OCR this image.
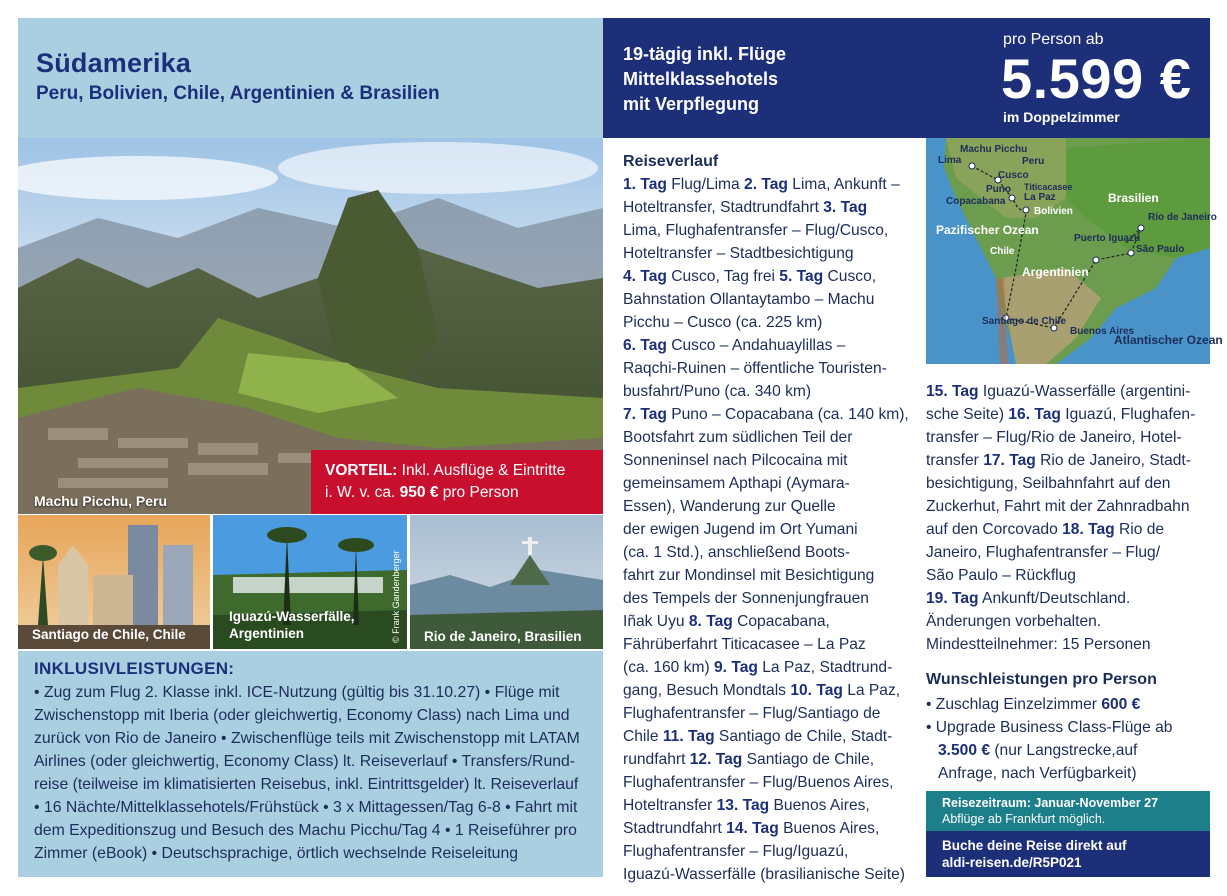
Südamerika
Peru, Bolivien, Chile, Argentinien & Brasilien
19-tägig inkl. Flüge
Mittelklassehotels
mit Verpflegung
pro Person ab
5.599 €
im Doppelzimmer
Machu Picchu, Peru
VORTEIL: Inkl. Ausflüge & Eintritte
i. W. v. ca. 950 € pro Person
Santiago de Chile, Chile
Iguazú-Wasserfälle,
Argentinien	© Frank Gandenberger Rio de Janeiro, Brasilien
INKLUSIVLEISTUNGEN:
• Zug zum Flug 2. Klasse inkl. ICE-Nutzung (gültig bis 31.10.27) • Flüge mit
Zwischenstopp mit Iberia (oder gleichwertig, Economy Class) nach Lima und
zurück von Rio de Janeiro • Zwischenflüge teils mit Zwischenstopp mit LATAM
Airlines (oder gleichwertig, Economy Class) lt. Reiseverlauf • Transfers/Rund-
reise (teilweise im klimatisierten Reisebus, inkl. Eintrittsgelder) lt. Reiseverlauf
• 16 Nächte/Mittelklassehotels/Frühstück • 3 x Mittagessen/Tag 6-8 • Fahrt mit
dem Expeditionszug und Besuch des Machu Picchu/Tag 4 • 1 Reiseführer pro
Zimmer (eBook) • Deutschsprachige, örtlich wechselnde Reiseleitung
Reiseverlauf
1. Tag Flug/Lima 2. Tag Lima, Ankunft –
Hoteltransfer, Stadtrundfahrt 3. Tag
Lima, Flughafentransfer – Flug/Cusco,
Hoteltransfer – Stadtbesichtigung
4. Tag Cusco, Tag frei 5. Tag Cusco,
Bahnstation Ollantaytambo – Machu
Picchu – Cusco (ca. 225 km)
6. Tag Cusco – Andahuaylillas –
Raqchi-Ruinen – öffentliche Touristen-
busfahrt/Puno (ca. 340 km)
7. Tag Puno – Copacabana (ca. 140 km),
Bootsfahrt zum südlichen Teil der
Sonneninsel nach Pilcocaina mit
gemeinsamem Apthapi (Aymara-
Essen), Wanderung zur Quelle
der ewigen Jugend im Ort Yumani
(ca. 1 Std.), anschließend Boots-
fahrt zur Mondinsel mit Besichtigung
des Tempels der Sonnenjungfrauen
Iñak Uyu 8. Tag Copacabana,
Fährüberfahrt Titicacasee – La Paz
(ca. 160 km) 9. Tag La Paz, Stadtrund-
gang, Besuch Mondtals 10. Tag La Paz,
Flughafentransfer – Flug/Santiago de
Chile 11. Tag Santiago de Chile, Stadt-
rundfahrt 12. Tag Santiago de Chile,
Flughafentransfer – Flug/Buenos Aires,
Hoteltransfer 13. Tag Buenos Aires,
Stadtrundfahrt 14. Tag Buenos Aires,
Flughafentransfer – Flug/Iguazú,
Iguazú-Wasserfälle (brasilianische Seite)
Machu Picchu
Lima	Peru
Cusco
Puno Titicacasee
La Paz
Copacabana
Bolivien
Brasilien
Rio de Janeiro
Pazifischer Ozean
Chile
Puerto Iguazú
São Paulo
Argentinien
Santiago de Chile
Buenos Aires
Atlantischer Ozean
15. Tag Iguazú-Wasserfälle (argentini-
sche Seite) 16. Tag Iguazú, Flughafen-
transfer – Flug/Rio de Janeiro, Hotel-
transfer 17. Tag Rio de Janeiro, Stadt-
besichtigung, Seilbahnfahrt auf den
Zuckerhut, Fahrt mit der Zahnradbahn
auf den Corcovado 18. Tag Rio de
Janeiro, Flughafentransfer – Flug/
São Paulo – Rückflug
19. Tag Ankunft/Deutschland.
Änderungen vorbehalten.
Mindestteilnehmer: 15 Personen
Wunschleistungen pro Person
• Zuschlag Einzelzimmer 600 €
• Upgrade Business Class-Flüge ab
3.500 € (nur Langstrecke,auf
Anfrage, nach Verfügbarkeit)
Reisezeitraum: Januar-November 27
Abflüge ab Frankfurt möglich.
Buche deine Reise direkt auf
aldi-reisen.de/R5P021
